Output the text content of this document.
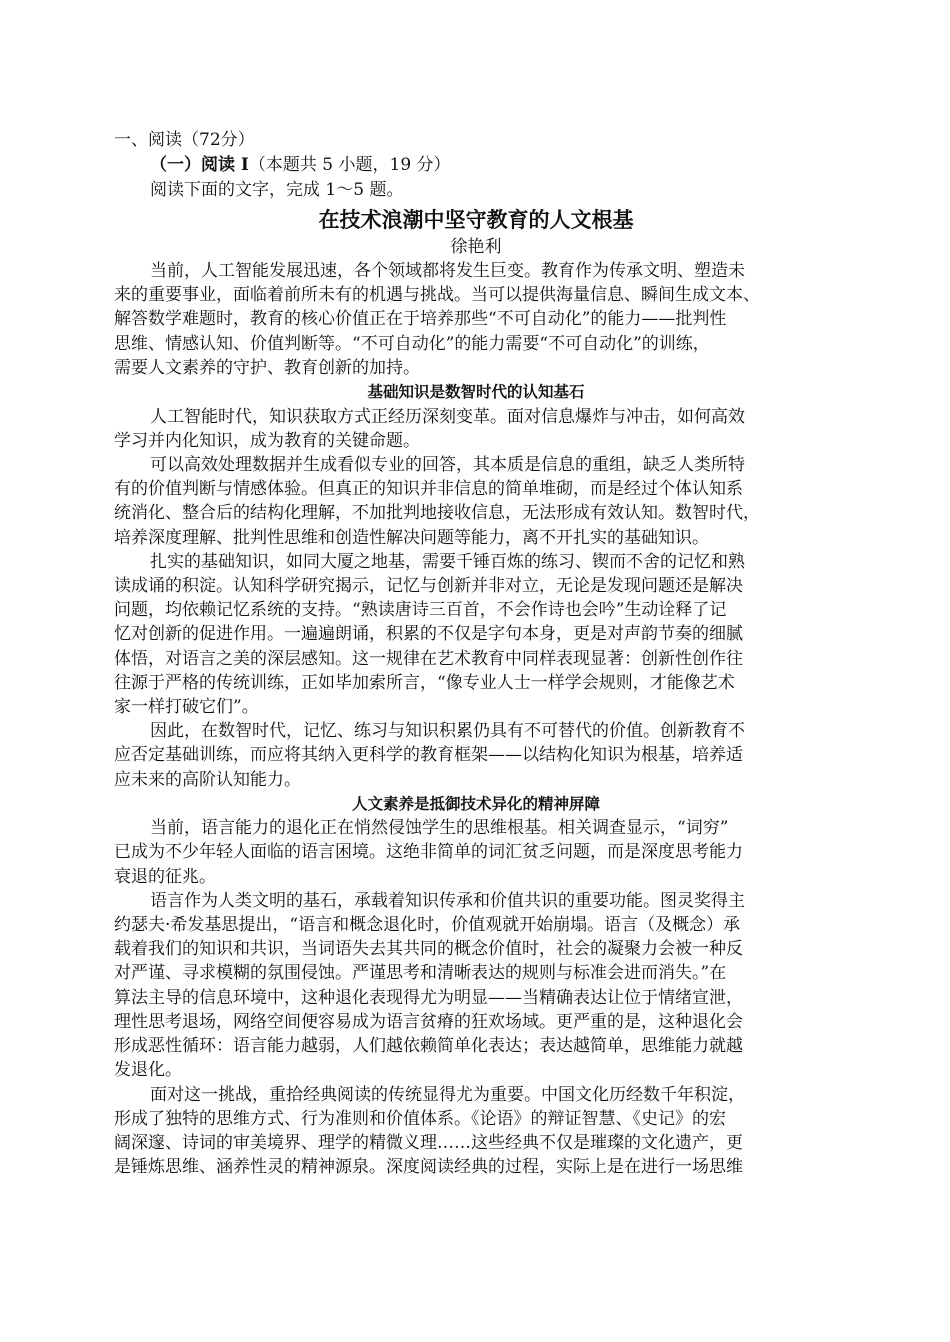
一、阅读（72分）

（一）阅读 I（本题共 5 小题，19 分）

阅读下面的文字，完成 1～5 题。

在技术浪潮中坚守教育的人文根基

徐艳利

当前，人工智能发展迅速，各个领域都将发生巨变。教育作为传承文明、塑造未

来的重要事业，面临着前所未有的机遇与挑战。当可以提供海量信息、瞬间生成文本、

解答数学难题时，教育的核心价值正在于培养那些“不可自动化”的能力——批判性

思维、情感认知、价值判断等。“不可自动化”的能力需要“不可自动化”的训练，

需要人文素养的守护、教育创新的加持。

基础知识是数智时代的认知基石

人工智能时代，知识获取方式正经历深刻变革。面对信息爆炸与冲击，如何高效

学习并内化知识，成为教育的关键命题。

可以高效处理数据并生成看似专业的回答，其本质是信息的重组，缺乏人类所特

有的价值判断与情感体验。但真正的知识并非信息的简单堆砌，而是经过个体认知系

统消化、整合后的结构化理解，不加批判地接收信息，无法形成有效认知。数智时代，

培养深度理解、批判性思维和创造性解决问题等能力，离不开扎实的基础知识。

扎实的基础知识，如同大厦之地基，需要千锤百炼的练习、锲而不舍的记忆和熟

读成诵的积淀。认知科学研究揭示，记忆与创新并非对立，无论是发现问题还是解决

问题，均依赖记忆系统的支持。“熟读唐诗三百首，不会作诗也会吟”生动诠释了记

忆对创新的促进作用。一遍遍朗诵，积累的不仅是字句本身，更是对声韵节奏的细腻

体悟，对语言之美的深层感知。这一规律在艺术教育中同样表现显著：创新性创作往

往源于严格的传统训练，正如毕加索所言，“像专业人士一样学会规则，才能像艺术

家一样打破它们”。

因此，在数智时代，记忆、练习与知识积累仍具有不可替代的价值。创新教育不

应否定基础训练，而应将其纳入更科学的教育框架——以结构化知识为根基，培养适

应未来的高阶认知能力。

人文素养是抵御技术异化的精神屏障

当前，语言能力的退化正在悄然侵蚀学生的思维根基。相关调查显示，“词穷”

已成为不少年轻人面临的语言困境。这绝非简单的词汇贫乏问题，而是深度思考能力

衰退的征兆。

语言作为人类文明的基石，承载着知识传承和价值共识的重要功能。图灵奖得主

约瑟夫·希发基思提出，“语言和概念退化时，价值观就开始崩塌。语言（及概念）承

载着我们的知识和共识，当词语失去其共同的概念价值时，社会的凝聚力会被一种反

对严谨、寻求模糊的氛围侵蚀。严谨思考和清晰表达的规则与标准会进而消失。”在

算法主导的信息环境中，这种退化表现得尤为明显——当精确表达让位于情绪宣泄，

理性思考退场，网络空间便容易成为语言贫瘠的狂欢场域。更严重的是，这种退化会

形成恶性循环：语言能力越弱，人们越依赖简单化表达；表达越简单，思维能力就越

发退化。

面对这一挑战，重拾经典阅读的传统显得尤为重要。中国文化历经数千年积淀，

形成了独特的思维方式、行为准则和价值体系。《论语》的辩证智慧、《史记》的宏

阔深邃、诗词的审美境界、理学的精微义理……这些经典不仅是璀璨的文化遗产，更

是锤炼思维、涵养性灵的精神源泉。深度阅读经典的过程，实际上是在进行一场思维
